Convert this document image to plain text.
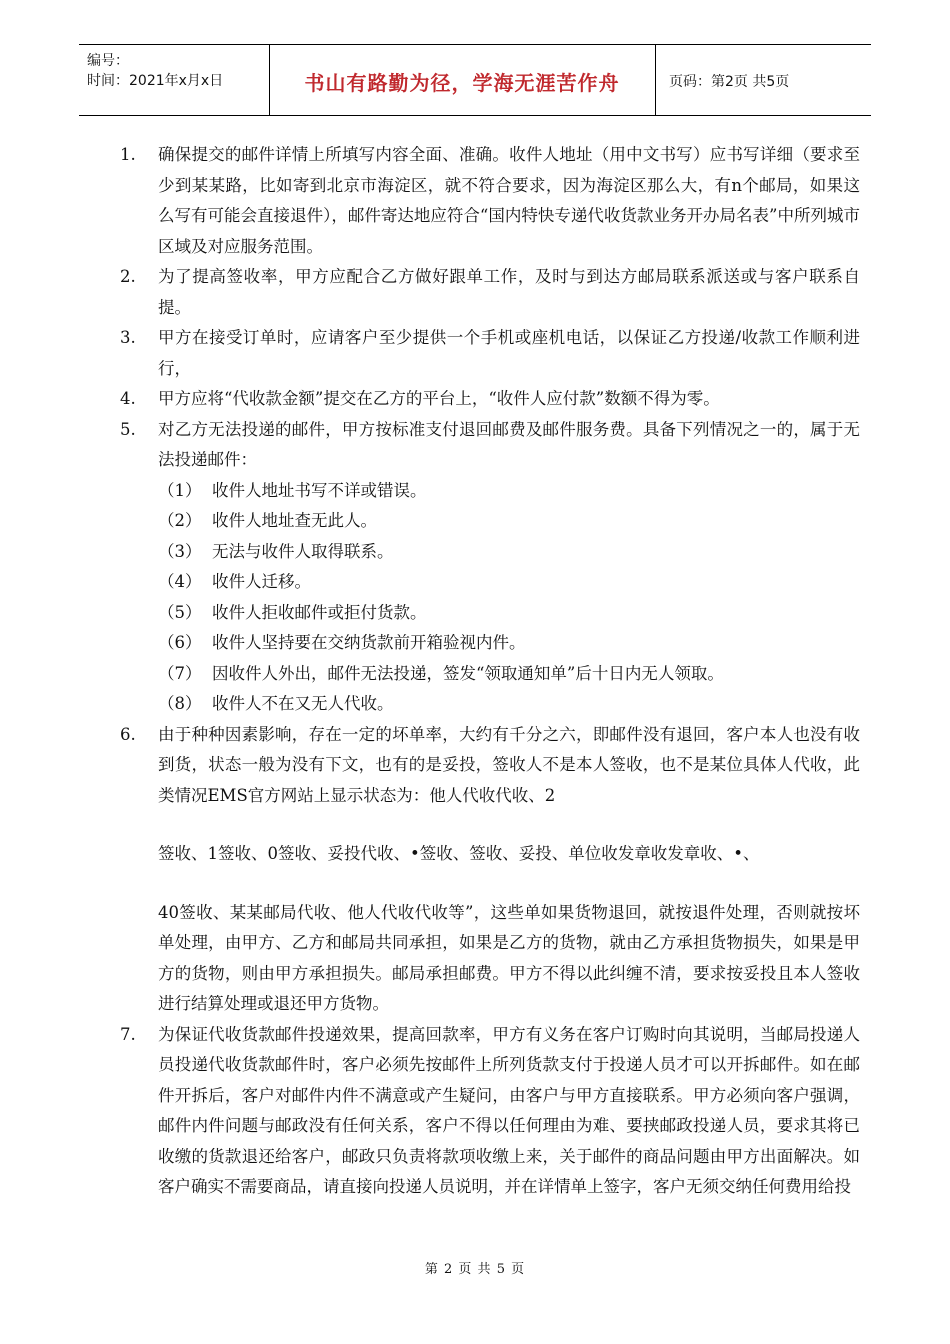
编号：
时间：2021年x月x日	书山有路勤为径，学海无涯苦作舟	页码：第2页 共5页
1.	确保提交的邮件详情上所填写内容全面、准确。收件人地址（用中文书写）应书写详细（要求至少到某某路，比如寄到北京市海淀区，就不符合要求，因为海淀区那么大，有n个邮局，如果这么写有可能会直接退件），邮件寄达地应符合“国内特快专递代收货款业务开办局名表”中所列城市区域及对应服务范围。
2.	为了提高签收率，甲方应配合乙方做好跟单工作，及时与到达方邮局联系派送或与客户联系自提。
3.	甲方在接受订单时，应请客户至少提供一个手机或座机电话，以保证乙方投递/收款工作顺利进行，
4.	甲方应将“代收款金额”提交在乙方的平台上，“收件人应付款”数额不得为零。
5.	对乙方无法投递的邮件，甲方按标准支付退回邮费及邮件服务费。具备下列情况之一的，属于无法投递邮件：
（1） 收件人地址书写不详或错误。
（2） 收件人地址查无此人。
（3） 无法与收件人取得联系。
（4） 收件人迁移。
（5） 收件人拒收邮件或拒付货款。
（6） 收件人坚持要在交纳货款前开箱验视内件。
（7） 因收件人外出，邮件无法投递，签发“领取通知单”后十日内无人领取。
（8） 收件人不在又无人代收。
6.	由于种种因素影响，存在一定的坏单率，大约有千分之六，即邮件没有退回，客户本人也没有收到货，状态一般为没有下文，也有的是妥投，签收人不是本人签收，也不是某位具体人代收，此类情况EMS官方网站上显示状态为：他人代收代收、2
签收、1签收、0签收、妥投代收、•签收、签收、妥投、单位收发章收发章收、•、
40签收、某某邮局代收、他人代收代收等”，这些单如果货物退回，就按退件处理，否则就按坏单处理，由甲方、乙方和邮局共同承担，如果是乙方的货物，就由乙方承担货物损失，如果是甲方的货物，则由甲方承担损失。邮局承担邮费。甲方不得以此纠缠不清，要求按妥投且本人签收进行结算处理或退还甲方货物。
7.	为保证代收货款邮件投递效果，提高回款率，甲方有义务在客户订购时向其说明，当邮局投递人员投递代收货款邮件时，客户必须先按邮件上所列货款支付于投递人员才可以开拆邮件。如在邮件开拆后，客户对邮件内件不满意或产生疑问，由客户与甲方直接联系。甲方必须向客户强调，邮件内件问题与邮政没有任何关系，客户不得以任何理由为难、要挟邮政投递人员，要求其将已收缴的货款退还给客户，邮政只负责将款项收缴上来，关于邮件的商品问题由甲方出面解决。如客户确实不需要商品，请直接向投递人员说明，并在详情单上签字，客户无须交纳任何费用给投
第 2 页 共 5 页
